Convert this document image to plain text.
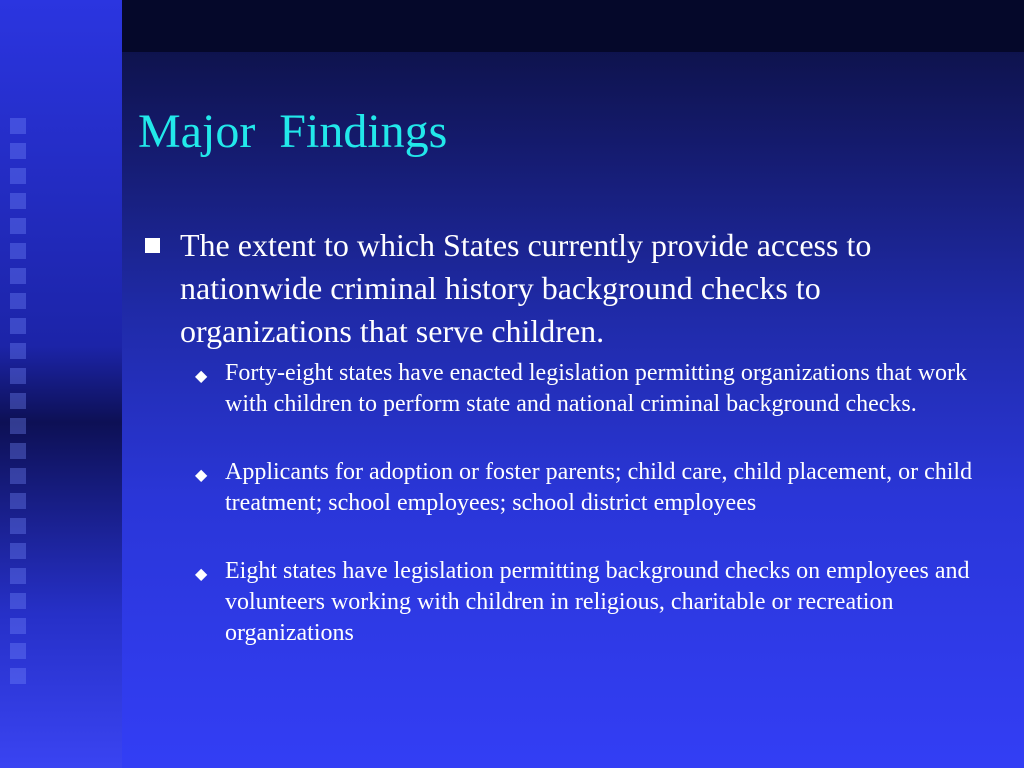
Major  Findings
The extent to which States currently provide access to nationwide criminal history background checks to organizations that serve children.
◆ Forty-eight states have enacted legislation permitting organizations that work with children to perform state and national criminal background checks.
◆ Applicants for adoption or foster parents; child care, child placement, or child treatment; school employees; school district employees
◆ Eight states have legislation permitting background checks on employees and volunteers working with children in religious, charitable or recreation organizations
